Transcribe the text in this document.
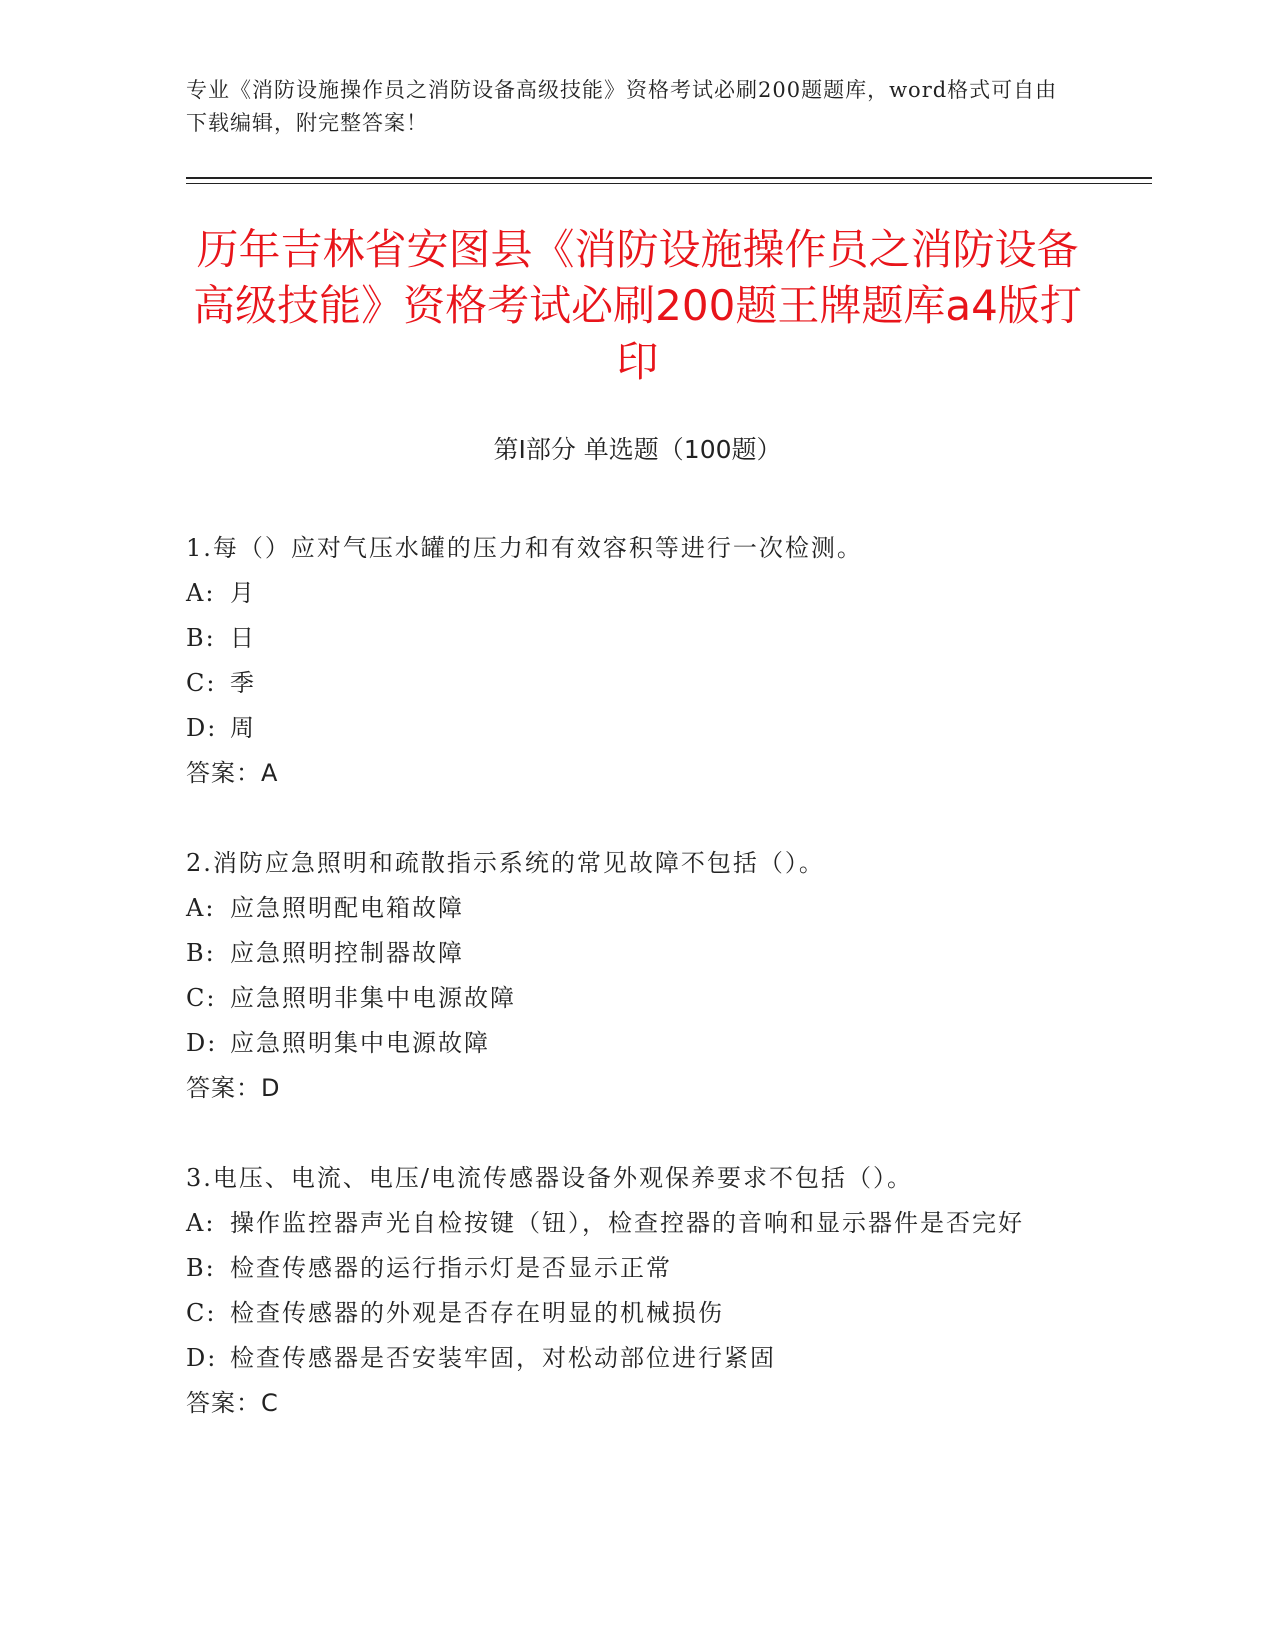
专业《消防设施操作员之消防设备高级技能》资格考试必刷200题题库，word格式可自由下载编辑，附完整答案！
历年吉林省安图县《消防设施操作员之消防设备高级技能》资格考试必刷200题王牌题库a4版打印
第Ⅰ部分 单选题（100题）

1.每（）应对气压水罐的压力和有效容积等进行一次检测。

A: 月

B: 日

C: 季

D: 周

答案：A

2.消防应急照明和疏散指示系统的常见故障不包括（）。

A: 应急照明配电箱故障

B: 应急照明控制器故障

C: 应急照明非集中电源故障

D: 应急照明集中电源故障

答案：D

3.电压、电流、电压/电流传感器设备外观保养要求不包括（）。

A: 操作监控器声光自检按键（钮），检查控器的音响和显示器件是否完好

B: 检查传感器的运行指示灯是否显示正常

C: 检查传感器的外观是否存在明显的机械损伤

D: 检查传感器是否安装牢固，对松动部位进行紧固

答案：C
